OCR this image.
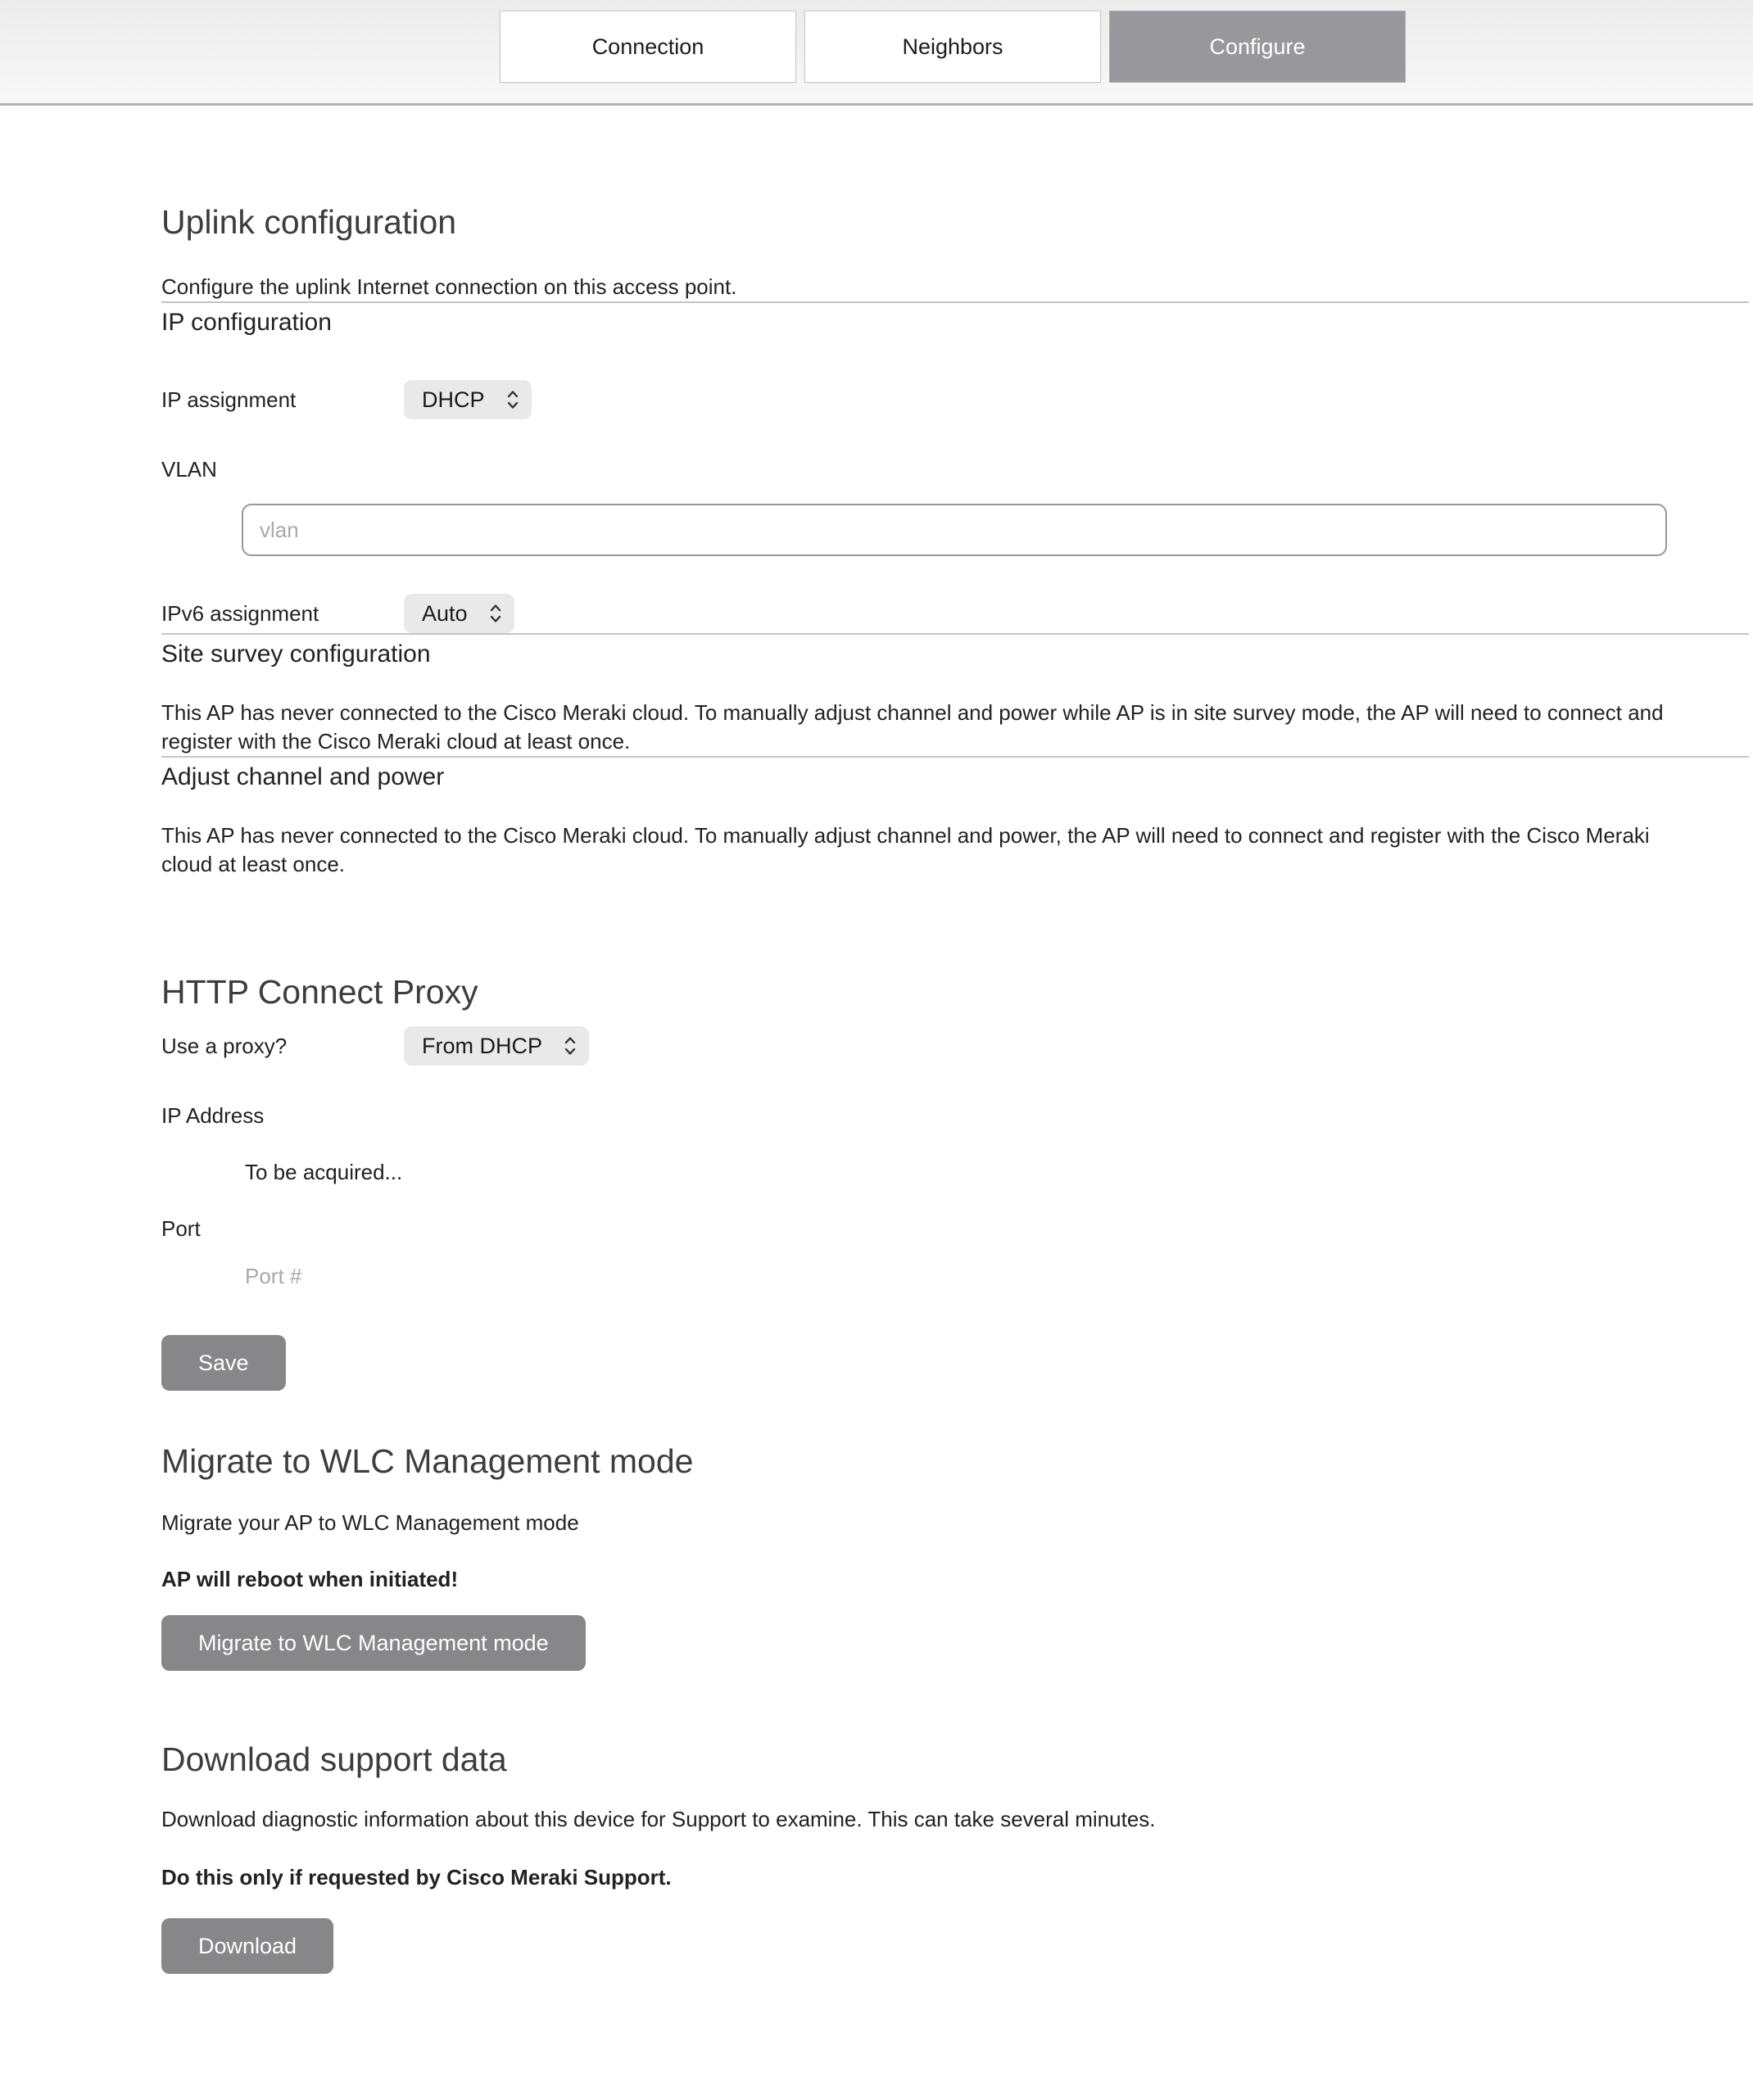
Connection	Neighbors	Configure
Uplink configuration

Configure the uplink Internet connection on this access point.

IP configuration
IP assignment	DHCP

VLAN

vlan
IPv6 assignment	Auto
Site survey configuration

This AP has never connected to the Cisco Meraki cloud. To manually adjust channel and power while AP is in site survey mode, the AP will need to connect and register with the Cisco Meraki cloud at least once.

Adjust channel and power

This AP has never connected to the Cisco Meraki cloud. To manually adjust channel and power, the AP will need to connect and register with the Cisco Meraki cloud at least once.

HTTP Connect Proxy
Use a proxy?	From DHCP

IP Address

To be acquired...

Port

Port # Save
Migrate to WLC Management mode

Migrate your AP to WLC Management mode

AP will reboot when initiated!

Migrate to WLC Management mode
Download support data

Download diagnostic information about this device for Support to examine. This can take several minutes.

Do this only if requested by Cisco Meraki Support.

Download
